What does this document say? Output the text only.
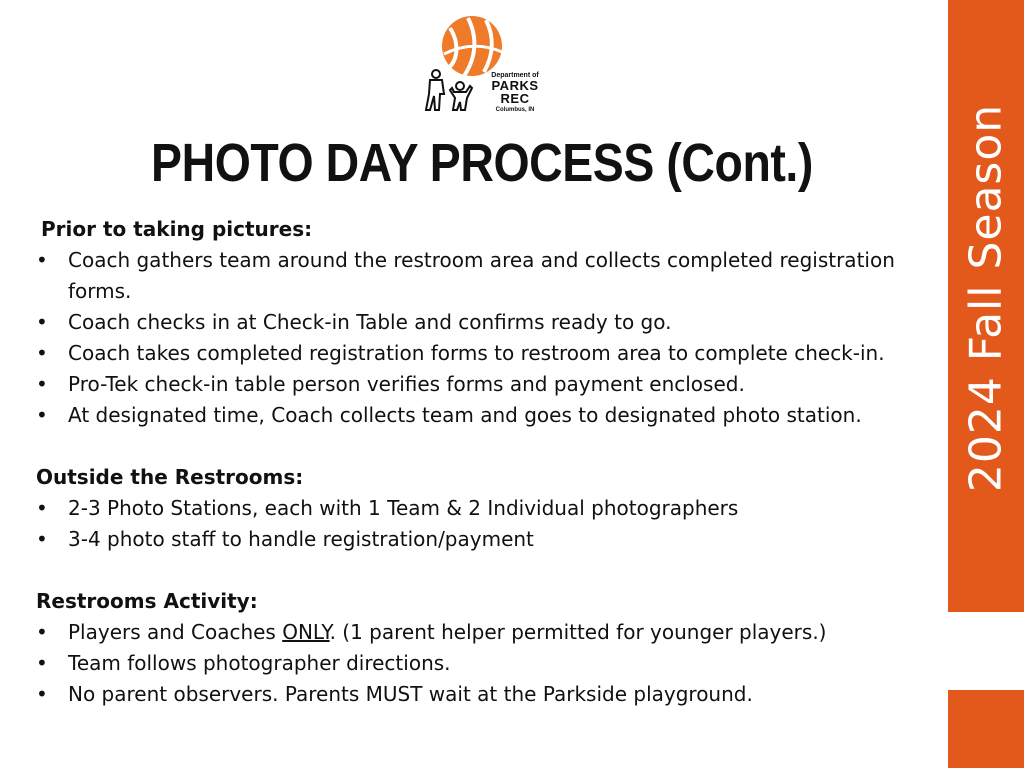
Department of
PARKS
REC
Columbus, IN
PHOTO DAY PROCESS (Cont.)
Prior to taking pictures:
• Coach gathers team around the restroom area and collects completed registration forms.
• Coach checks in at Check-in Table and confirms ready to go.
• Coach takes completed registration forms to restroom area to complete check-in.
• Pro-Tek check-in table person verifies forms and payment enclosed.
• At designated time, Coach collects team and goes to designated photo station.
Outside the Restrooms:
• 2-3 Photo Stations, each with 1 Team & 2 Individual photographers
• 3-4 photo staff to handle registration/payment
Restrooms Activity:
• Players and Coaches ONLY. (1 parent helper permitted for younger players.)
• Team follows photographer directions.
• No parent observers. Parents MUST wait at the Parkside playground.
2024 Fall Season
